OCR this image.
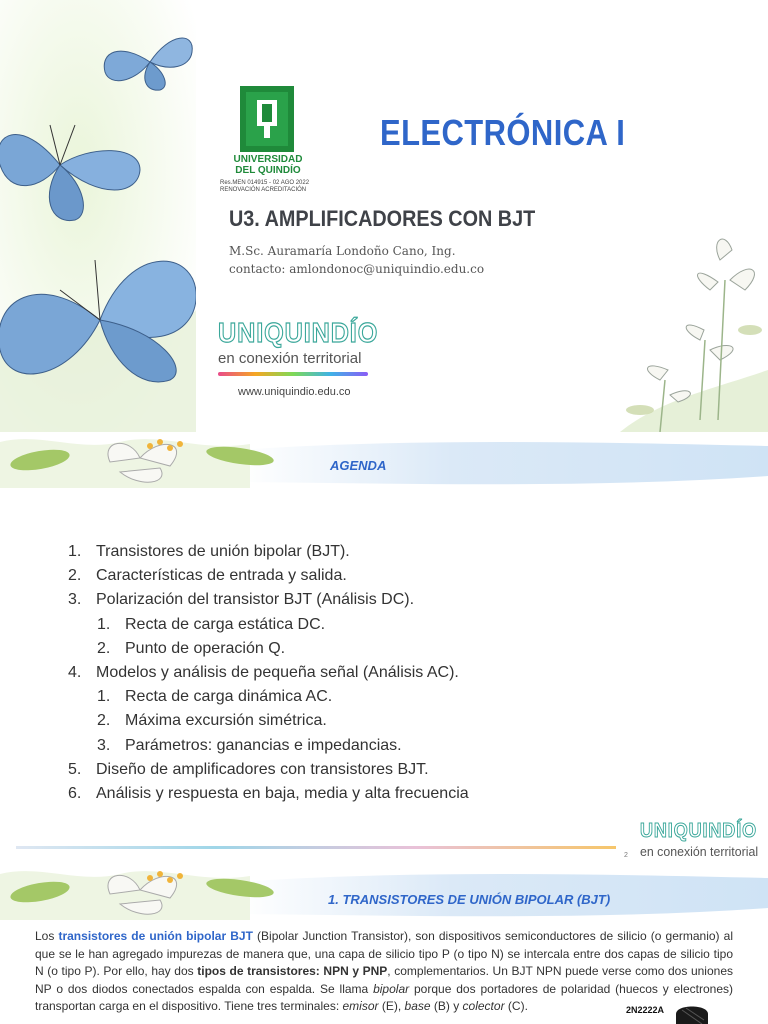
UNIVERSIDAD
DEL QUINDÍO
Res.MEN 014915 - 02 AGO 2022
RENOVACIÓN ACREDITACIÓN
ELECTRÓNICA I
U3. AMPLIFICADORES CON BJT
M.Sc. Auramaría Londoño Cano, Ing.
contacto: amlondonoc@uniquindio.edu.co
UNIQUINDÍO
en conexión territorial
www.uniquindio.edu.co
AGENDA
1. Transistores de unión bipolar (BJT).
2. Características de entrada y salida.
3. Polarización del transistor BJT (Análisis DC).
1. Recta de carga estática DC.
2. Punto de operación Q.
4. Modelos y análisis de pequeña señal (Análisis AC).
1. Recta de carga dinámica AC.
2. Máxima excursión simétrica.
3. Parámetros: ganancias e impedancias.
5. Diseño de amplificadores con transistores BJT.
6. Análisis y respuesta en baja, media y alta frecuencia
2
UNIQUINDÍO
en conexión territorial
1. TRANSISTORES DE UNIÓN BIPOLAR (BJT)

Los transistores de unión bipolar BJT (Bipolar Junction Transistor), son dispositivos semiconductores de silicio (o germanio) al que se le han agregado impurezas de manera que, una capa de silicio tipo P (o tipo N) se intercala entre dos capas de silicio tipo N (o tipo P). Por ello, hay dos tipos de transistores: NPN y PNP, complementarios. Un BJT NPN puede verse como dos uniones NP o dos diodos conectados espalda con espalda. Se llama bipolar porque dos portadores de polaridad (huecos y electrones) transportan carga en el dispositivo. Tiene tres terminales: emisor (E), base (B) y colector (C).	2N2222A
